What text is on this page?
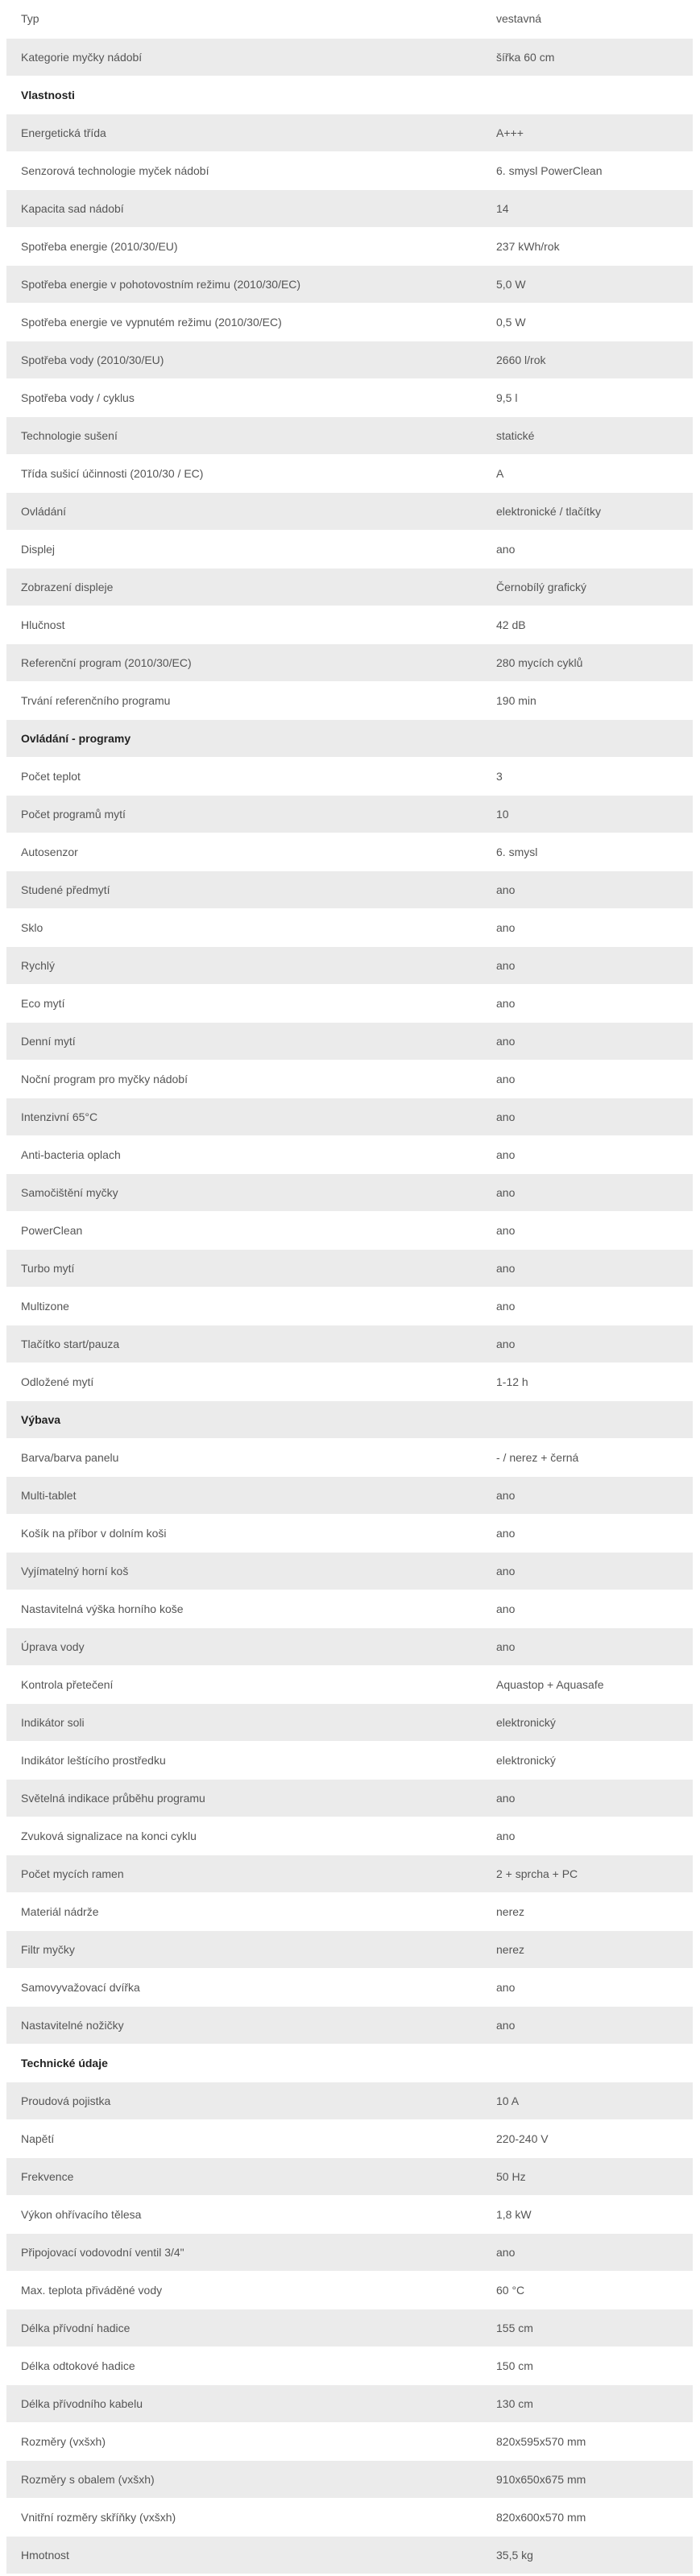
Typ	vestavná
Kategorie myčky nádobí	šířka 60 cm
Vlastnosti	
Energetická třída	A+++
Senzorová technologie myček nádobí	6. smysl PowerClean
Kapacita sad nádobí	14
Spotřeba energie (2010/30/EU)	237 kWh/rok
Spotřeba energie v pohotovostním režimu (2010/30/EC)	5,0 W
Spotřeba energie ve vypnutém režimu (2010/30/EC)	0,5 W
Spotřeba vody (2010/30/EU)	2660 l/rok
Spotřeba vody / cyklus	9,5 l
Technologie sušení	statické
Třída sušicí účinnosti (2010/30 / EC)	A
Ovládání	elektronické / tlačítky
Displej	ano
Zobrazení displeje	Černobílý grafický
Hlučnost	42 dB
Referenční program (2010/30/EC)	280 mycích cyklů
Trvání referenčního programu	190 min
Ovládání - programy	
Počet teplot	3
Počet programů mytí	10
Autosenzor	6. smysl
Studené předmytí	ano
Sklo	ano
Rychlý	ano
Eco mytí	ano
Denní mytí	ano
Noční program pro myčky nádobí	ano
Intenzivní 65°C	ano
Anti-bacteria oplach	ano
Samočištění myčky	ano
PowerClean	ano
Turbo mytí	ano
Multizone	ano
Tlačítko start/pauza	ano
Odložené mytí	1-12 h
Výbava	
Barva/barva panelu	- / nerez + černá
Multi-tablet	ano
Košík na příbor v dolním koši	ano
Vyjímatelný horní koš	ano
Nastavitelná výška horního koše	ano
Úprava vody	ano
Kontrola přetečení	Aquastop + Aquasafe
Indikátor soli	elektronický
Indikátor leštícího prostředku	elektronický
Světelná indikace průběhu programu	ano
Zvuková signalizace na konci cyklu	ano
Počet mycích ramen	2 + sprcha + PC
Materiál nádrže	nerez
Filtr myčky	nerez
Samovyvažovací dvířka	ano
Nastavitelné nožičky	ano
Technické údaje	
Proudová pojistka	10 A
Napětí	220-240 V
Frekvence	50 Hz
Výkon ohřívacího tělesa	1,8 kW
Připojovací vodovodní ventil 3/4"	ano
Max. teplota přiváděné vody	60 °C
Délka přívodní hadice	155 cm
Délka odtokové hadice	150 cm
Délka přívodního kabelu	130 cm
Rozměry (vxšxh)	820x595x570 mm
Rozměry s obalem (vxšxh)	910x650x675 mm
Vnitřní rozměry skříňky (vxšxh)	820x600x570 mm
Hmotnost	35,5 kg
